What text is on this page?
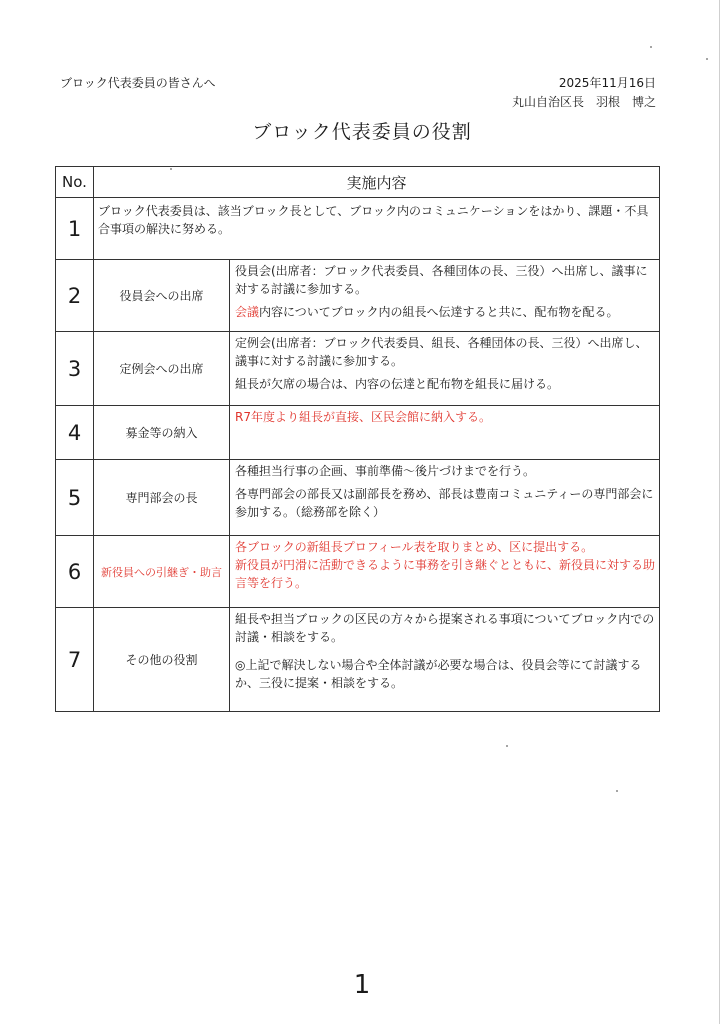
ブロック代表委員の皆さんへ	2025年11月16日
丸山自治区長　羽根　博之
ブロック代表委員の役割
No.	実施内容	
1	ブロック代表委員は、該当ブロック長として、ブロック内のコミュニケーションをはかり、課題・不具合事項の解決に努める。	
2	役員会への出席	役員会(出席者：ブロック代表委員、各種団体の長、三役）へ出席し、議事に対する討議に参加する。

会議内容についてブロック内の組長へ伝達すると共に、配布物を配る。

3	定例会への出席	定例会(出席者：ブロック代表委員、組長、各種団体の長、三役）へ出席し、議事に対する討議に参加する。

組長が欠席の場合は、内容の伝達と配布物を組長に届ける。

4	募金等の納入	R7年度より組長が直接、区民会館に納入する。

5	専門部会の長	各種担当行事の企画、事前準備～後片づけまでを行う。

各専門部会の部長又は副部長を務め、部長は豊南コミュニティーの専門部会に参加する。（総務部を除く）

6	新役員への引継ぎ・助言	各ブロックの新組長プロフィール表を取りまとめ、区に提出する。

新役員が円滑に活動できるように事務を引き継ぐとともに、新役員に対する助言等を行う。

7	その他の役割	組長や担当ブロックの区民の方々から提案される事項についてブロック内での討議・相談をする。

◎上記で解決しない場合や全体討議が必要な場合は、役員会等にて討議するか、三役に提案・相談をする。

1
